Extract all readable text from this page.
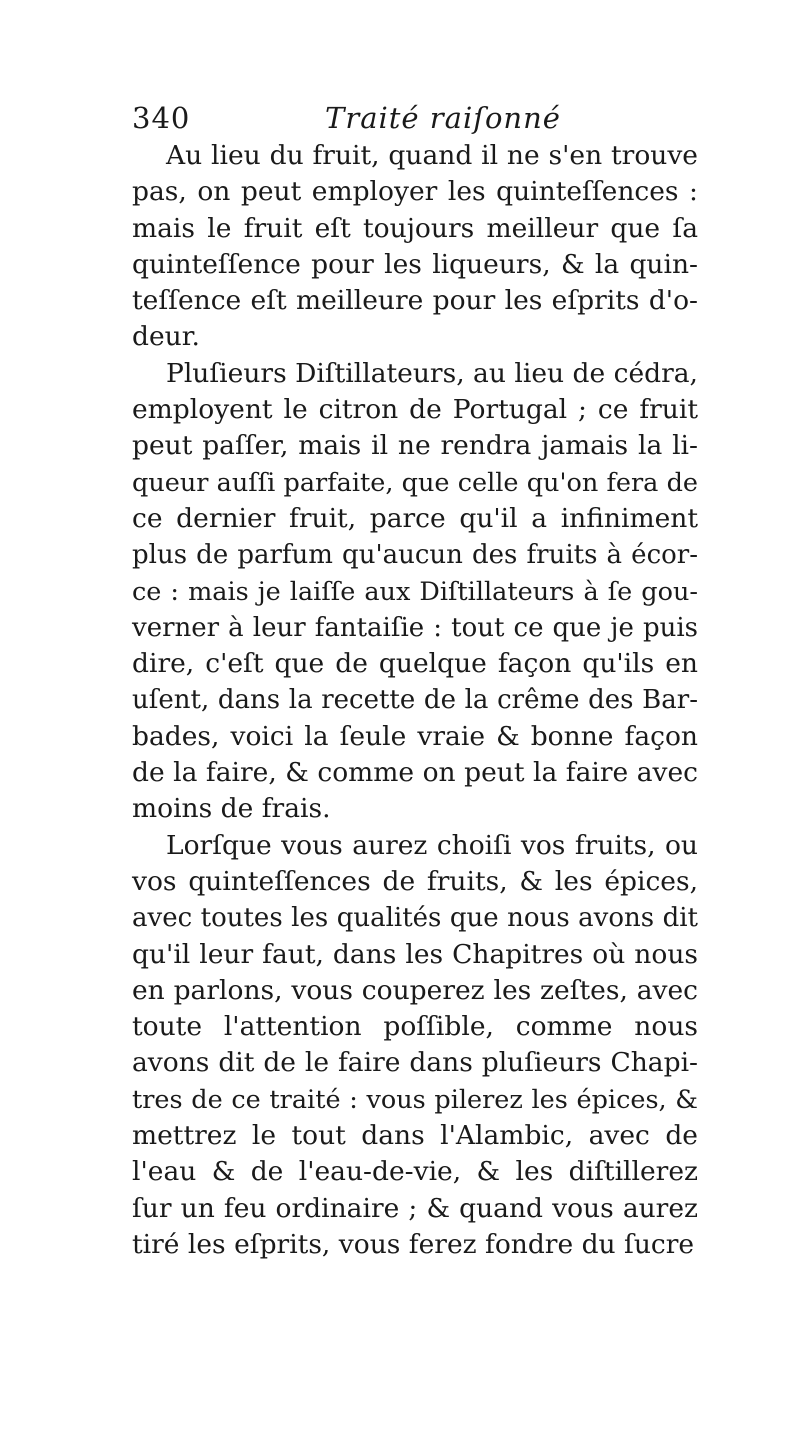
340	Traité raiſonné
Au lieu du fruit, quand il ne s'en trouve
pas, on peut employer les quinteſſences :
mais le fruit eſt toujours meilleur que ſa
quinteſſence pour les liqueurs, & la quin-
teſſence eſt meilleure pour les eſprits d'o-
deur.
Pluſieurs Diſtillateurs, au lieu de cédra,
employent le citron de Portugal ; ce fruit
peut paſſer, mais il ne rendra jamais la li-
queur auſſi parfaite, que celle qu'on fera de
ce dernier fruit, parce qu'il a infiniment
plus de parfum qu'aucun des fruits à écor-
ce : mais je laiſſe aux Diſtillateurs à ſe gou-
verner à leur fantaiſie : tout ce que je puis
dire, c'eſt que de quelque façon qu'ils en
uſent, dans la recette de la crême des Bar-
bades, voici la ſeule vraie & bonne façon
de la faire, & comme on peut la faire avec
moins de frais.
Lorſque vous aurez choiſi vos fruits, ou
vos quinteſſences de fruits, & les épices,
avec toutes les qualités que nous avons dit
qu'il leur faut, dans les Chapitres où nous
en parlons, vous couperez les zeſtes, avec
toute l'attention poſſible, comme nous
avons dit de le faire dans pluſieurs Chapi-
tres de ce traité : vous pilerez les épices, &
mettrez le tout dans l'Alambic, avec de
l'eau & de l'eau-de-vie, & les diſtillerez
ſur un feu ordinaire ; & quand vous aurez
tiré les eſprits, vous ferez fondre du ſucre
